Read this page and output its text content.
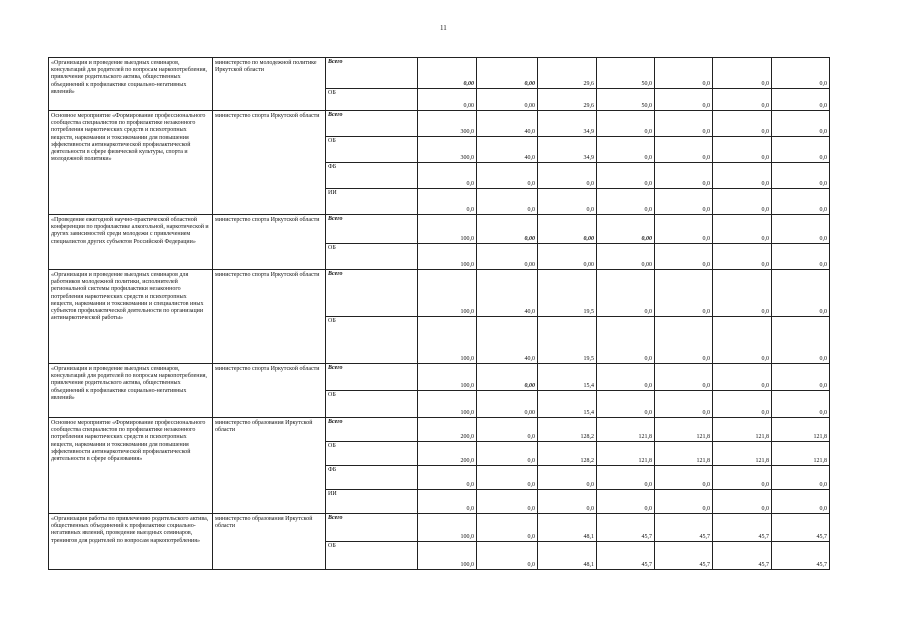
11
«Организация и проведение выездных семинаров, консультаций для родителей по вопросам наркопотребления, привлечение родительского актива, общественных объединений к профилактике социально-негативных явлений»	министерство по молодежной политике Иркутской области	Всего	0,00	0,00	29,6	50,0	0,0	0,0	0,0
		ОБ	0,00	0,00	29,6	50,0	0,0	0,0	0,0
Основное мероприятие «Формирование профессионального сообщества специалистов по профилактике незаконного потребления наркотических средств и психотропных веществ, наркомании и токсикомании для повышения эффективности антинаркотической профилактической деятельности в сфере физической культуры, спорта и молодежной политики»	министерство спорта Иркутской области	Всего	300,0	40,0	34,9	0,0	0,0	0,0	0,0
		ОБ	300,0	40,0	34,9	0,0	0,0	0,0	0,0
		ФБ	0,0	0,0	0,0	0,0	0,0	0,0	0,0
		ИИ	0,0	0,0	0,0	0,0	0,0	0,0	0,0
«Проведение ежегодной научно-практической областной конференции по профилактике алкогольной, наркотической и других зависимостей среди молодежи с привлечением специалистов других субъектов Российской Федерации»	министерство спорта Иркутской области	Всего	100,0	0,00	0,00	0,00	0,0	0,0	0,0
		ОБ	100,0	0,00	0,00	0,00	0,0	0,0	0,0
«Организация и проведение выездных семинаров для работников молодежной политики, исполнителей региональной системы профилактики незаконного потребления наркотических средств и психотропных веществ, наркомании и токсикомании и специалистов иных субъектов профилактической деятельности по организации антинаркотической работы»	министерство спорта Иркутской области	Всего	100,0	40,0	19,5	0,0	0,0	0,0	0,0
		ОБ	100,0	40,0	19,5	0,0	0,0	0,0	0,0
«Организация и проведение выездных семинаров, консультаций для родителей по вопросам наркопотребления, привлечение родительского актива, общественных объединений к профилактике социально-негативных явлений»	министерство спорта Иркутской области	Всего	100,0	0,00	15,4	0,0	0,0	0,0	0,0
		ОБ	100,0	0,00	15,4	0,0	0,0	0,0	0,0
Основное мероприятие «Формирование профессионального сообщества специалистов по профилактике незаконного потребления наркотических средств и психотропных веществ, наркомании и токсикомании для повышения эффективности антинаркотической профилактической деятельности в сфере образования»	министерство образования Иркутской области	Всего	200,0	0,0	128,2	121,8	121,8	121,8	121,8
		ОБ	200,0	0,0	128,2	121,8	121,8	121,8	121,8
		ФБ	0,0	0,0	0,0	0,0	0,0	0,0	0,0
		ИИ	0,0	0,0	0,0	0,0	0,0	0,0	0,0
«Организация работы по привлечению родительского актива, общественных объединений к профилактике социально-негативных явлений, проведение выездных семинаров, тренингов для родителей по вопросам наркопотребления»	министерство образования Иркутской области	Всего	100,0	0,0	48,1	45,7	45,7	45,7	45,7
		ОБ	100,0	0,0	48,1	45,7	45,7	45,7	45,7
